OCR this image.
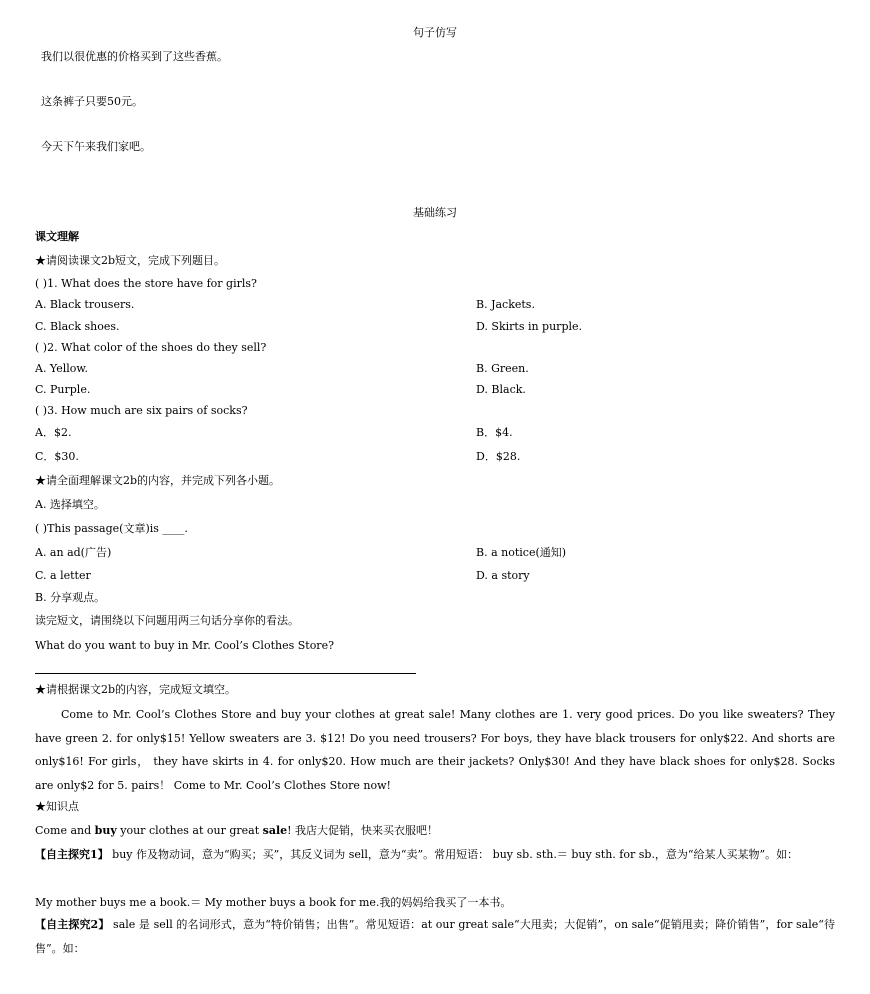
句子仿写
我们以很优惠的价格买到了这些香蕉。
这条裤子只要50元。
今天下午来我们家吧。
基础练习
课文理解
★请阅读课文2b短文，完成下列题目。
( )1. What does the store have for girls?
A. Black trousers.	B. Jackets.
C. Black shoes.	D. Skirts in purple.
( )2. What color of the shoes do they sell?
A. Yellow.	B. Green.
C. Purple.	D. Black.
( )3. How much are six pairs of socks?
A．$2.	B．$4.
C．$30.	D．$28.
★请全面理解课文2b的内容，并完成下列各小题。
A. 选择填空。
( )This passage(文章)is ____.
A. an ad(广告)	B. a notice(通知)
C. a letter	D. a story
B. 分享观点。
读完短文，请围绕以下问题用两三句话分享你的看法。
What do you want to buy in Mr. Cool’s Clothes Store?
★请根据课文2b的内容，完成短文填空。
Come to Mr. Cool’s Clothes Store and buy your clothes at great sale! Many clothes are 1. very good prices. Do you like sweaters? They have green 2. for only$15! Yellow sweaters are 3. $12! Do you need trousers? For boys, they have black trousers for only$22. And shorts are only$16! For girls， they have skirts in 4. for only$20. How much are their jackets? Only$30! And they have black shoes for only$28. Socks are only$2 for 5. pairs！ Come to Mr. Cool’s Clothes Store now!
★知识点
Come and buy your clothes at our great sale! 我店大促销，快来买衣服吧！
【自主探究1】 buy 作及物动词，意为“购买；买”，其反义词为 sell，意为“卖”。常用短语： buy sb. sth.＝ buy sth. for sb.，意为“给某人买某物”。如：
My mother buys me a book.＝ My mother buys a book for me.我的妈妈给我买了一本书。
【自主探究2】 sale 是 sell 的名词形式，意为“特价销售；出售”。常见短语：at our great sale“大甩卖；大促销”，on sale“促销甩卖；降价销售”，for sale“待售”。如：
